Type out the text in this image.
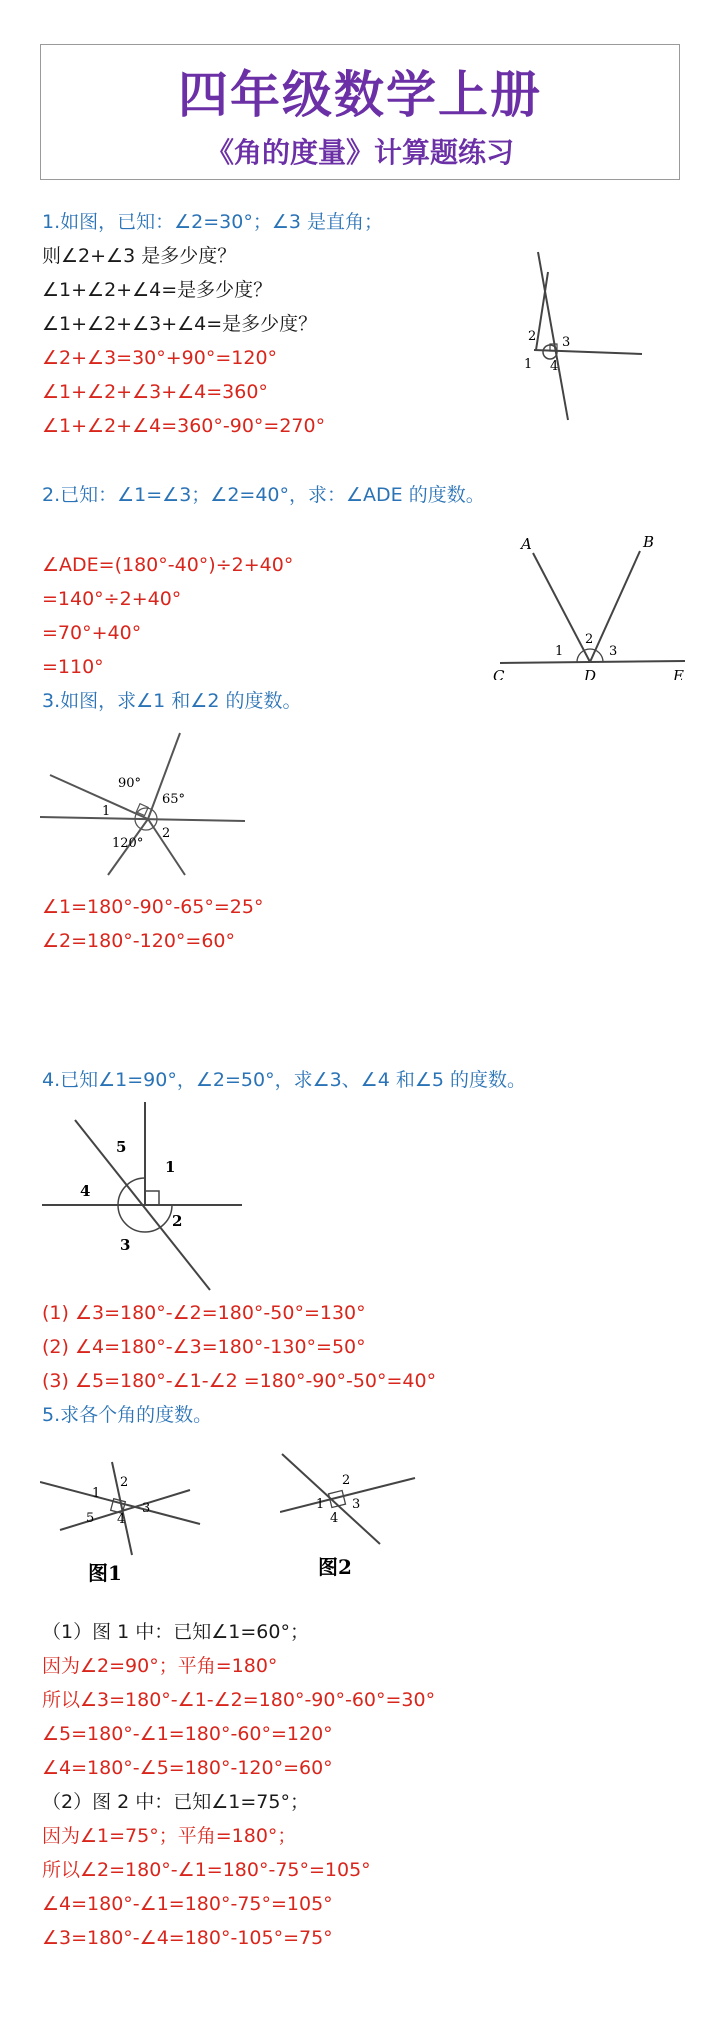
四年级数学上册
《角的度量》计算题练习
1.如图，已知：∠2=30°；∠3 是直角；
则∠2+∠3 是多少度？
∠1+∠2+∠4=是多少度？
∠1+∠2+∠3+∠4=是多少度？
∠2+∠3=30°+90°=120°
∠1+∠2+∠3+∠4=360°
∠1+∠2+∠4=360°-90°=270°
2 3
1 4
2.已知：∠1=∠3；∠2=40°，求：∠ADE 的度数。
∠ADE=(180°-40°)÷2+40°
=140°÷2+40°
=70°+40°
=110°
A	B
C	D	E
1
2
3
3.如图，求∠1 和∠2 的度数。
90°
65°
120°
1
2
∠1=180°-90°-65°=25°
∠2=180°-120°=60°
4.已知∠1=90°，∠2=50°，求∠3、∠4 和∠5 的度数。
5
1
4
2
3
(1) ∠3=180°-∠2=180°-50°=130°
(2) ∠4=180°-∠3=180°-130°=50°
(3) ∠5=180°-∠1-∠2 =180°-90°-50°=40°
5.求各个角的度数。
1
2
3
4
5
图1
1
2
3
4
图2
（1）图 1 中：已知∠1=60°；
因为∠2=90°；平角=180°
所以∠3=180°-∠1-∠2=180°-90°-60°=30°
∠5=180°-∠1=180°-60°=120°
∠4=180°-∠5=180°-120°=60°
（2）图 2 中：已知∠1=75°；
因为∠1=75°；平角=180°；
所以∠2=180°-∠1=180°-75°=105°
∠4=180°-∠1=180°-75°=105°
∠3=180°-∠4=180°-105°=75°
